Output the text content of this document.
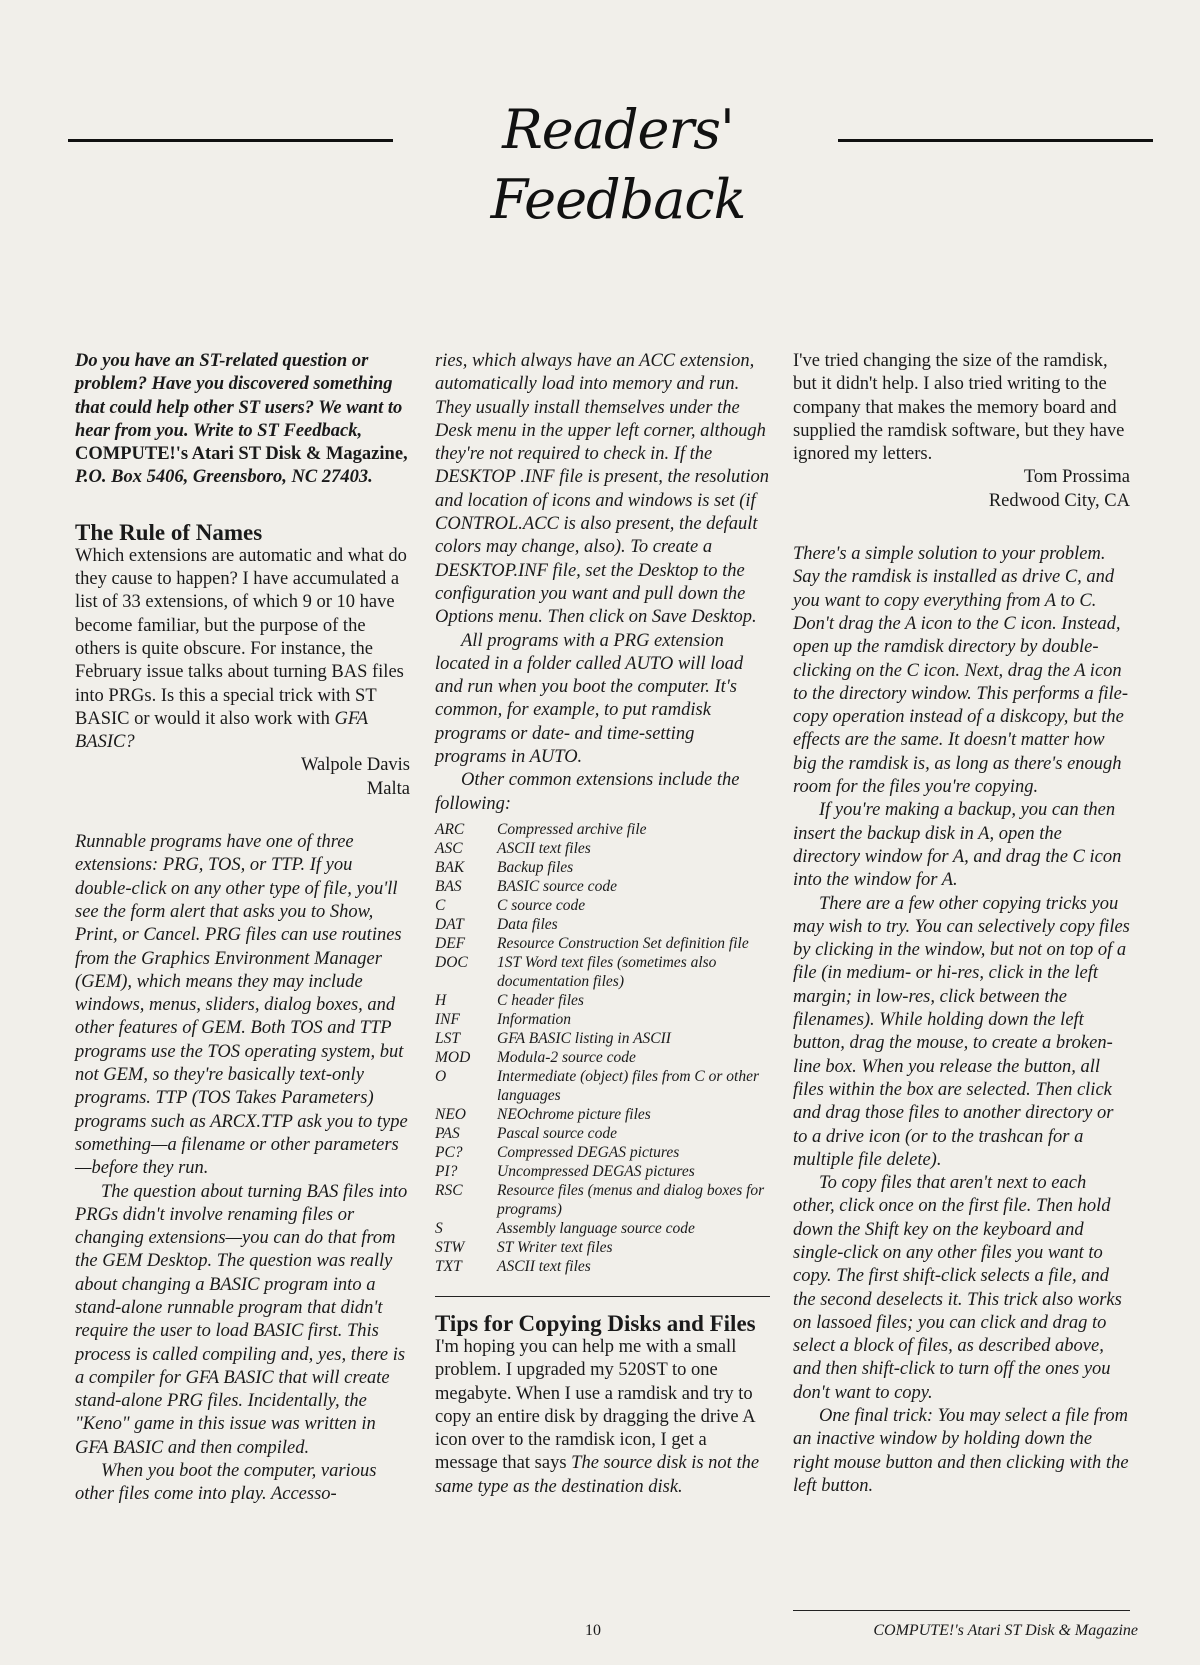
Readers' Feedback

Do you have an ST-related question or problem? Have you discovered something that could help other ST users? We want to hear from you. Write to ST Feedback, COMPUTE!'s Atari ST Disk & Magazine, P.O. Box 5406, Greensboro, NC 27403.

The Rule of Names

Which extensions are automatic and what do they cause to happen? I have accumulated a list of 33 extensions, of which 9 or 10 have become familiar, but the purpose of the others is quite obscure. For instance, the February issue talks about turning BAS files into PRGs. Is this a special trick with ST BASIC or would it also work with GFA BASIC?

Walpole Davis

Malta

Runnable programs have one of three extensions: PRG, TOS, or TTP. If you double-click on any other type of file, you'll see the form alert that asks you to Show, Print, or Cancel. PRG files can use routines from the Graphics Environment Manager (GEM), which means they may include windows, menus, sliders, dialog boxes, and other features of GEM. Both TOS and TTP programs use the TOS operating system, but not GEM, so they're basically text-only programs. TTP (TOS Takes Parameters) programs such as ARCX.TTP ask you to type something—a filename or other parameters—before they run.

The question about turning BAS files into PRGs didn't involve renaming files or changing extensions—you can do that from the GEM Desktop. The question was really about changing a BASIC program into a stand-alone runnable program that didn't require the user to load BASIC first. This process is called compiling and, yes, there is a compiler for GFA BASIC that will create stand-alone PRG files. Incidentally, the "Keno" game in this issue was written in GFA BASIC and then compiled.

When you boot the computer, various other files come into play. Accesso-

ries, which always have an ACC extension, automatically load into memory and run. They usually install themselves under the Desk menu in the upper left corner, although they're not required to check in. If the DESKTOP .INF file is present, the resolution and location of icons and windows is set (if CONTROL.ACC is also present, the default colors may change, also). To create a DESKTOP.INF file, set the Desktop to the configuration you want and pull down the Options menu. Then click on Save Desktop.

All programs with a PRG extension located in a folder called AUTO will load and run when you boot the computer. It's common, for example, to put ramdisk programs or date- and time-setting programs in AUTO.

Other common extensions include the following:

ARC	Compressed archive file
ASC	ASCII text files
BAK	Backup files
BAS	BASIC source code
C	C source code
DAT	Data files
DEF	Resource Construction Set definition file
DOC	1ST Word text files (sometimes also documentation files)
H	C header files
INF	Information
LST	GFA BASIC listing in ASCII
MOD	Modula-2 source code
O	Intermediate (object) files from C or other languages
NEO	NEOchrome picture files
PAS	Pascal source code
PC?	Compressed DEGAS pictures
PI?	Uncompressed DEGAS pictures
RSC	Resource files (menus and dialog boxes for programs)
S	Assembly language source code
STW	ST Writer text files
TXT	ASCII text files
Tips for Copying Disks and Files

I'm hoping you can help me with a small problem. I upgraded my 520ST to one megabyte. When I use a ramdisk and try to copy an entire disk by dragging the drive A icon over to the ramdisk icon, I get a message that says The source disk is not the same type as the destination disk.

I've tried changing the size of the ramdisk, but it didn't help. I also tried writing to the company that makes the memory board and supplied the ramdisk software, but they have ignored my letters.

Tom Prossima

Redwood City, CA

There's a simple solution to your problem. Say the ramdisk is installed as drive C, and you want to copy everything from A to C. Don't drag the A icon to the C icon. Instead, open up the ramdisk directory by double-clicking on the C icon. Next, drag the A icon to the directory window. This performs a file-copy operation instead of a diskcopy, but the effects are the same. It doesn't matter how big the ramdisk is, as long as there's enough room for the files you're copying.

If you're making a backup, you can then insert the backup disk in A, open the directory window for A, and drag the C icon into the window for A.

There are a few other copying tricks you may wish to try. You can selectively copy files by clicking in the window, but not on top of a file (in medium- or hi-res, click in the left margin; in low-res, click between the filenames). While holding down the left button, drag the mouse, to create a broken-line box. When you release the button, all files within the box are selected. Then click and drag those files to another directory or to a drive icon (or to the trashcan for a multiple file delete).

To copy files that aren't next to each other, click once on the first file. Then hold down the Shift key on the keyboard and single-click on any other files you want to copy. The first shift-click selects a file, and the second deselects it. This trick also works on lassoed files; you can click and drag to select a block of files, as described above, and then shift-click to turn off the ones you don't want to copy.

One final trick: You may select a file from an inactive window by holding down the right mouse button and then clicking with the left button.

10	COMPUTE!'s Atari ST Disk & Magazine
